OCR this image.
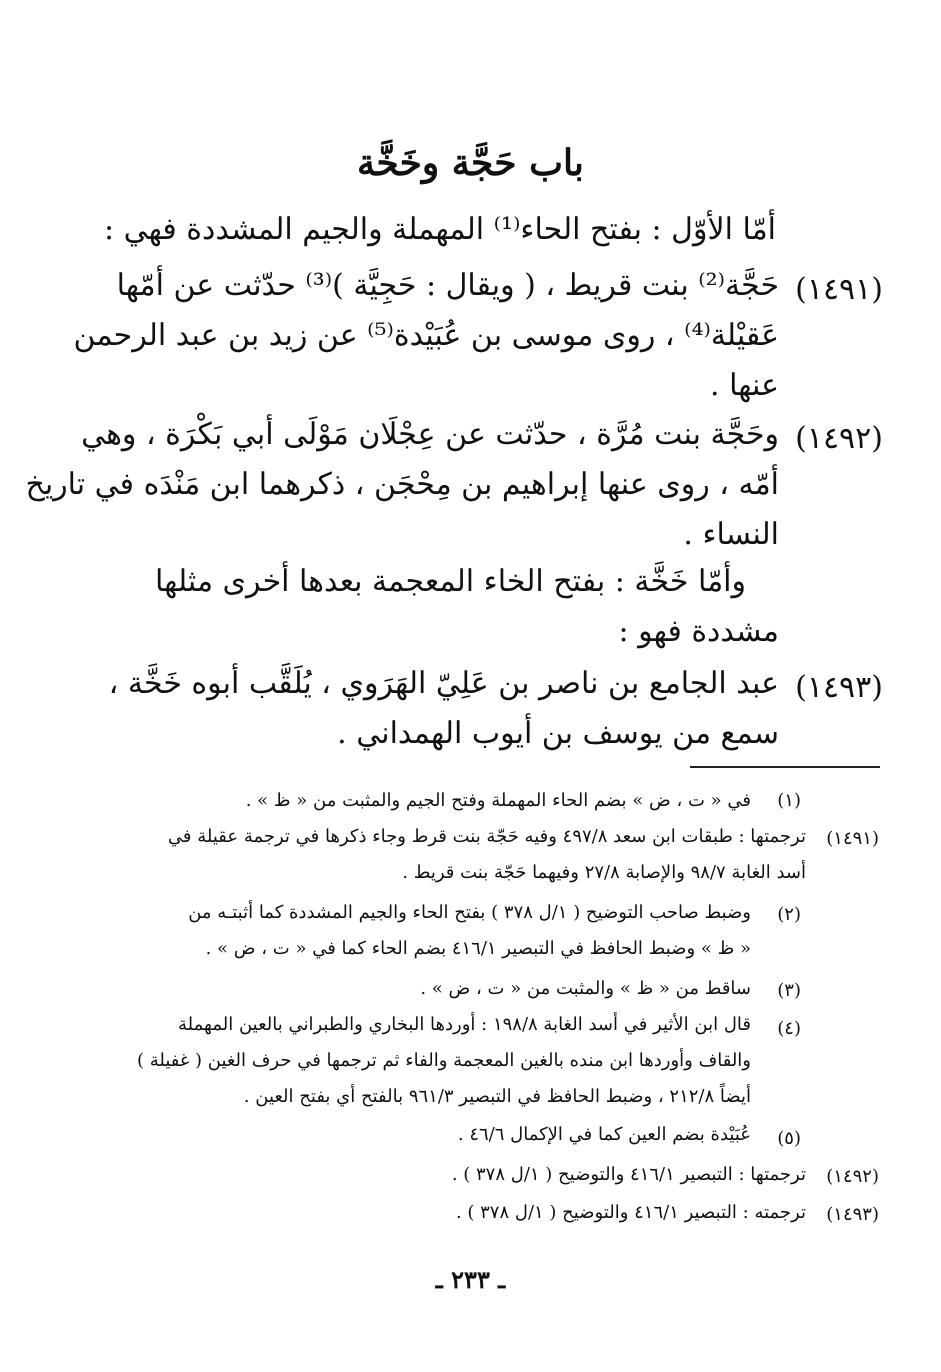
باب حَجَّة وخَخَّة
أمّا الأوّل : بفتح الحاء⁽¹⁾ المهملة والجيم المشددة فهي :
(١٤٩١)
حَجَّة⁽²⁾ بنت قريط ، ( ويقال : حَجِيَّة )⁽³⁾ حدّثت عن أمّها
عَقيْلة⁽⁴⁾ ، روى موسى بن عُبَيْدة⁽⁵⁾ عن زيد بن عبد الرحمن
عنها .
(١٤٩٢)
وحَجَّة بنت مُرَّة ، حدّثت عن عِجْلَان مَوْلَى أبي بَكْرَة ، وهي
أمّه ، روى عنها إبراهيم بن مِحْجَن ، ذكرهما ابن مَنْدَه في تاريخ
النساء .
وأمّا خَخَّة : بفتح الخاء المعجمة بعدها أخرى مثلها
مشددة فهو :
(١٤٩٣)
عبد الجامع بن ناصر بن عَلِيّ الهَرَوي ، يُلَقَّب أبوه خَخَّة ،
سمع من يوسف بن أيوب الهمداني .
(١)
في « ت ، ض » بضم الحاء المهملة وفتح الجيم والمثبت من « ظ » .
(١٤٩١)
ترجمتها : طبقات ابن سعد ٤٩٧/٨ وفيه حَجّة بنت قرط وجاء ذكرها في ترجمة عقيلة في
أسد الغابة ٩٨/٧ والإصابة ٢٧/٨ وفيهما حَجّة بنت قريط .
(٢)
وضبط صاحب التوضيح ( ١/ل ٣٧٨ ) بفتح الحاء والجيم المشددة كما أثبتـه من
« ظ » وضبط الحافظ في التبصير ٤١٦/١ بضم الحاء كما في « ت ، ض » .
(٣)
ساقط من « ظ » والمثبت من « ت ، ض » .
(٤)
قال ابن الأثير في أسد الغابة ١٩٨/٨ : أوردها البخاري والطبراني بالعين المهملة
والقاف وأوردها ابن منده بالغين المعجمة والفاء ثم ترجمها في حرف الغين ( غفيلة )
أيضاً ٢١٢/٨ ، وضبط الحافظ في التبصير ٩٦١/٣ بالفتح أي بفتح العين .
(٥)
عُبَيْدة بضم العين كما في الإكمال ٤٦/٦ .
(١٤٩٢)
ترجمتها : التبصير ٤١٦/١ والتوضيح ( ١/ل ٣٧٨ ) .
(١٤٩٣)
ترجمته : التبصير ٤١٦/١ والتوضيح ( ١/ل ٣٧٨ ) .
ـ ٢٣٣ ـ
